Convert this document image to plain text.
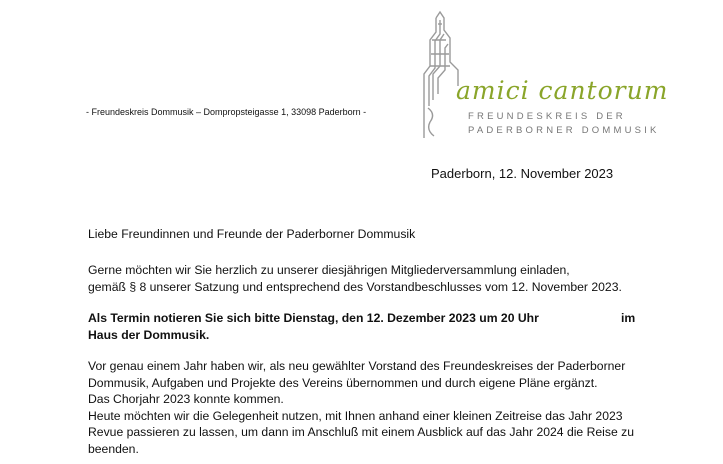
- Freundeskreis Dommusik – Dompropsteigasse 1, 33098 Paderborn -
amici cantorum
FREUNDESKREIS DER
PADERBORNER DOMMUSIK
Paderborn, 12. November 2023
Liebe Freundinnen und Freunde der Paderborner Dommusik
Gerne möchten wir Sie herzlich zu unserer diesjährigen Mitgliederversammlung einladen,
gemäß § 8 unserer Satzung und entsprechend des Vorstandbeschlusses vom 12. November 2023.
Als Termin notieren Sie sich bitte Dienstag, den 12. Dezember 2023 um 20 Uhr	im
Haus der Dommusik.
Vor genau einem Jahr haben wir, als neu gewählter Vorstand des Freundeskreises der Paderborner
Dommusik, Aufgaben und Projekte des Vereins übernommen und durch eigene Pläne ergänzt.
Das Chorjahr 2023 konnte kommen.
Heute möchten wir die Gelegenheit nutzen, mit Ihnen anhand einer kleinen Zeitreise das Jahr 2023
Revue passieren zu lassen, um dann im Anschluß mit einem Ausblick auf das Jahr 2024 die Reise zu
beenden.
